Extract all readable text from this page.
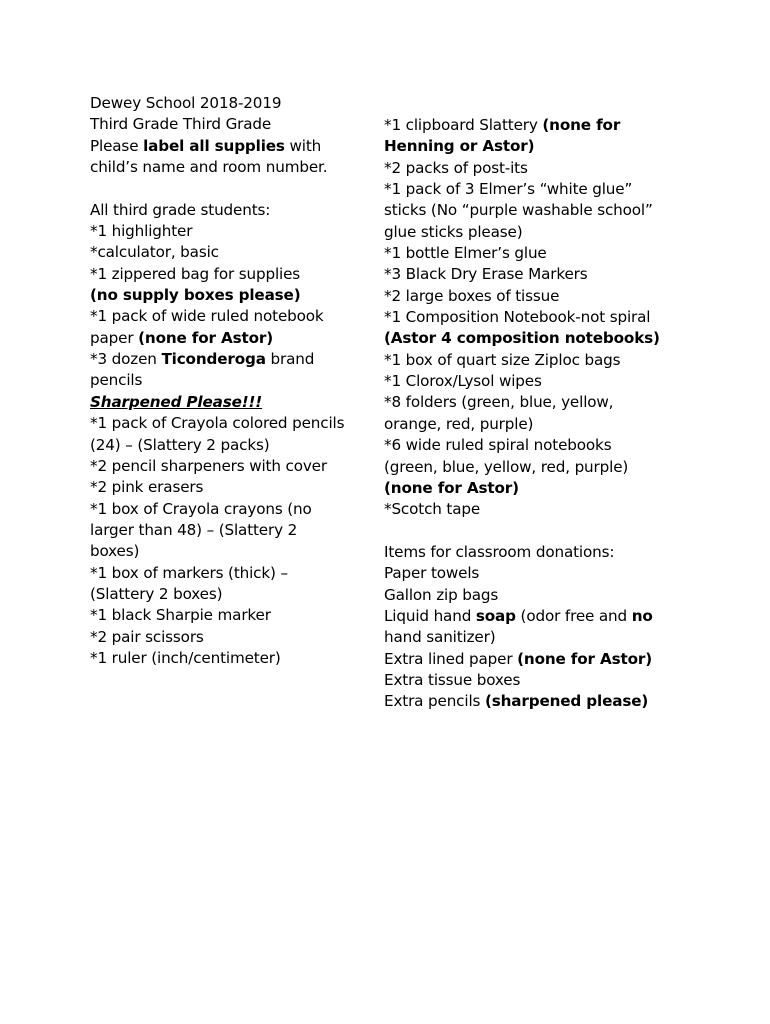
Dewey School 2018-2019
Third Grade Third Grade
Please label all supplies with
child’s name and room number.
All third grade students:
*1 highlighter
*calculator, basic
*1 zippered bag for supplies
(no supply boxes please)
*1 pack of wide ruled notebook
paper (none for Astor)
*3 dozen Ticonderoga brand
pencils
Sharpened Please!!!
*1 pack of Crayola colored pencils
(24) – (Slattery 2 packs)
*2 pencil sharpeners with cover
*2 pink erasers
*1 box of Crayola crayons (no
larger than 48) – (Slattery 2
boxes)
*1 box of markers (thick) –
(Slattery 2 boxes)
*1 black Sharpie marker
*2 pair scissors
*1 ruler (inch/centimeter)
*1 clipboard Slattery (none for
Henning or Astor)
*2 packs of post-its
*1 pack of 3 Elmer’s “white glue”
sticks (No “purple washable school”
glue sticks please)
*1 bottle Elmer’s glue
*3 Black Dry Erase Markers
*2 large boxes of tissue
*1 Composition Notebook-not spiral
(Astor 4 composition notebooks)
*1 box of quart size Ziploc bags
*1 Clorox/Lysol wipes
*8 folders (green, blue, yellow,
orange, red, purple)
*6 wide ruled spiral notebooks
(green, blue, yellow, red, purple)
(none for Astor)
*Scotch tape
Items for classroom donations:
Paper towels
Gallon zip bags
Liquid hand soap (odor free and no
hand sanitizer)
Extra lined paper (none for Astor)
Extra tissue boxes
Extra pencils (sharpened please)
